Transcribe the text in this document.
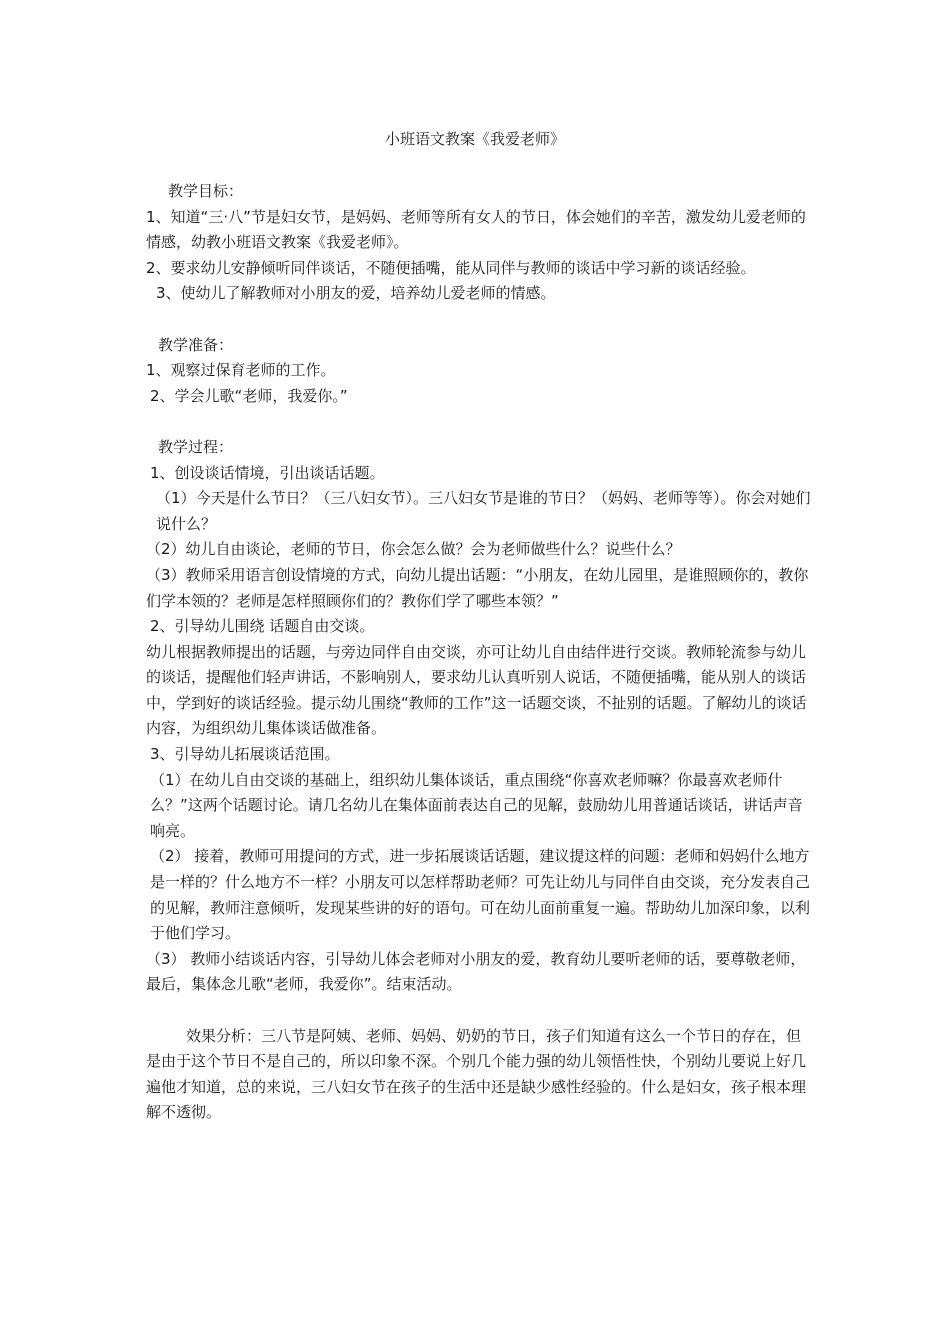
小班语文教案《我爱老师》

教学目标：

1、知道“三·八”节是妇女节，是妈妈、老师等所有女人的节日，体会她们的辛苦，激发幼儿爱老师的情感，幼教小班语文教案《我爱老师》。

2、要求幼儿安静倾听同伴谈话，不随便插嘴，能从同伴与教师的谈话中学习新的谈话经验。

3、使幼儿了解教师对小朋友的爱，培养幼儿爱老师的情感。

教学准备：

1、观察过保育老师的工作。

2、学会儿歌“老师，我爱你。”

教学过程：

1、创设谈话情境，引出谈话话题。

（1）今天是什么节日？（三八妇女节）。三八妇女节是谁的节日？（妈妈、老师等等）。你会对她们说什么？

（2）幼儿自由谈论，老师的节日，你会怎么做？会为老师做些什么？说些什么？

（3）教师采用语言创设情境的方式，向幼儿提出话题：“小朋友，在幼儿园里，是谁照顾你的，教你们学本领的？老师是怎样照顾你们的？教你们学了哪些本领？”

2、引导幼儿围绕 话题自由交谈。

幼儿根据教师提出的话题，与旁边同伴自由交谈，亦可让幼儿自由结伴进行交谈。教师轮流参与幼儿的谈话，提醒他们轻声讲话，不影响别人，要求幼儿认真听别人说话，不随便插嘴，能从别人的谈话中，学到好的谈话经验。提示幼儿围绕“教师的工作”这一话题交谈，不扯别的话题。了解幼儿的谈话内容，为组织幼儿集体谈话做准备。

3、引导幼儿拓展谈话范围。

（1）在幼儿自由交谈的基础上，组织幼儿集体谈话，重点围绕“你喜欢老师嘛？你最喜欢老师什么？”这两个话题讨论。请几名幼儿在集体面前表达自己的见解，鼓励幼儿用普通话谈话，讲话声音响亮。

（2） 接着，教师可用提问的方式，进一步拓展谈话话题，建议提这样的问题：老师和妈妈什么地方是一样的？什么地方不一样？小朋友可以怎样帮助老师？可先让幼儿与同伴自由交谈，充分发表自己的见解，教师注意倾听，发现某些讲的好的语句。可在幼儿面前重复一遍。帮助幼儿加深印象，以利于他们学习。

（3） 教师小结谈话内容，引导幼儿体会老师对小朋友的爱，教育幼儿要听老师的话，要尊敬老师，最后，集体念儿歌“老师，我爱你”。结束活动。

效果分析：三八节是阿姨、老师、妈妈、奶奶的节日，孩子们知道有这么一个节日的存在，但是由于这个节日不是自己的，所以印象不深。个别几个能力强的幼儿领悟性快，个别幼儿要说上好几遍他才知道，总的来说，三八妇女节在孩子的生活中还是缺少感性经验的。什么是妇女，孩子根本理解不透彻。
